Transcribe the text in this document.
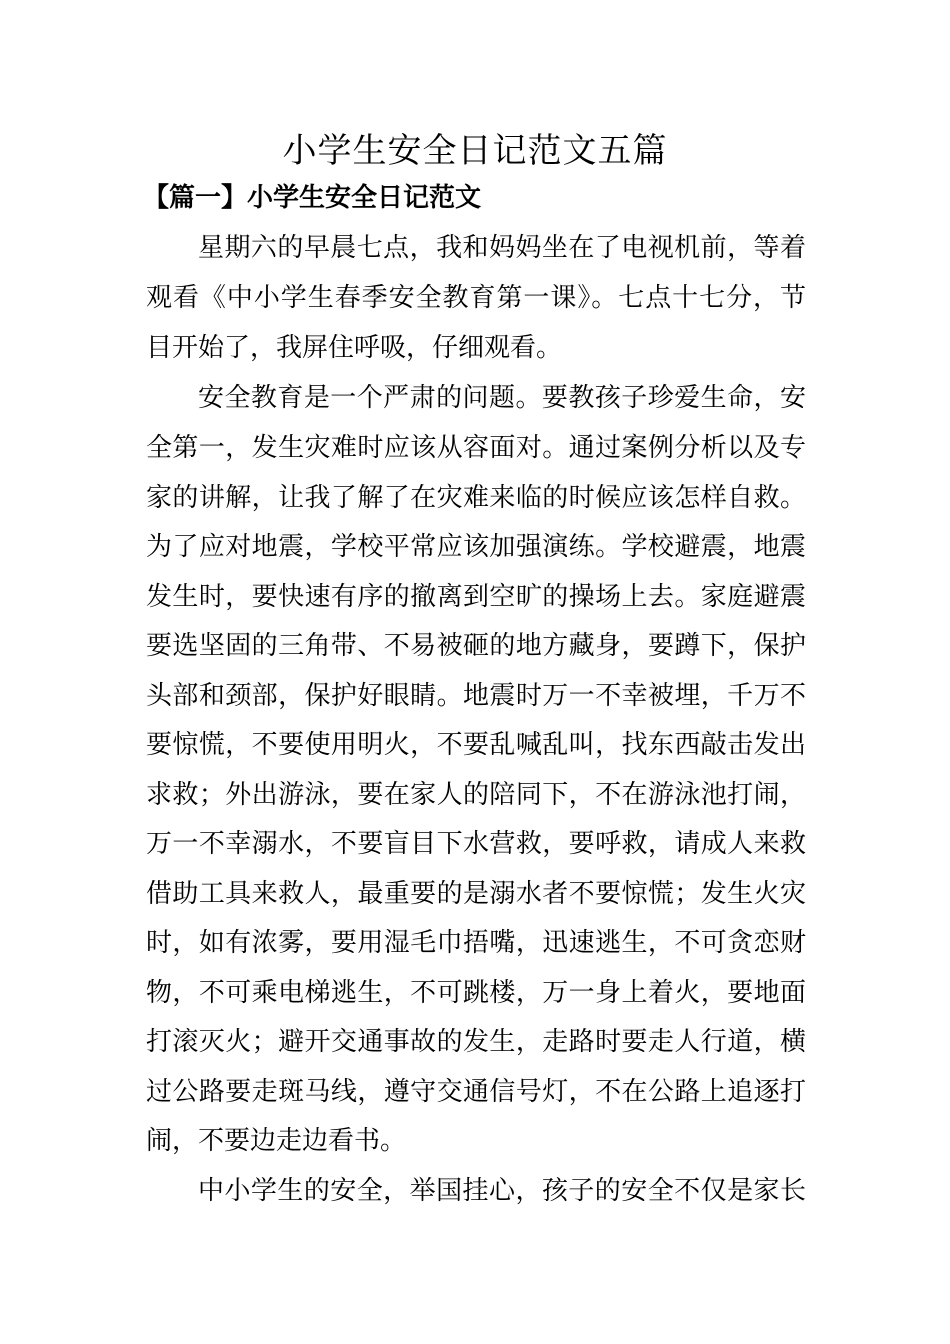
小学生安全日记范文五篇
【篇一】小学生安全日记范文

星期六的早晨七点，我和妈妈坐在了电视机前，等着

观看《中小学生春季安全教育第一课》。七点十七分，节

目开始了，我屏住呼吸，仔细观看。

安全教育是一个严肃的问题。要教孩子珍爱生命，安

全第一，发生灾难时应该从容面对。通过案例分析以及专

家的讲解，让我了解了在灾难来临的时候应该怎样自救。

为了应对地震，学校平常应该加强演练。学校避震，地震

发生时，要快速有序的撤离到空旷的操场上去。家庭避震

要选坚固的三角带、不易被砸的地方藏身，要蹲下，保护

头部和颈部，保护好眼睛。地震时万一不幸被埋，千万不

要惊慌，不要使用明火，不要乱喊乱叫，找东西敲击发出

求救；外出游泳，要在家人的陪同下，不在游泳池打闹，

万一不幸溺水，不要盲目下水营救，要呼救，请成人来救

借助工具来救人，最重要的是溺水者不要惊慌；发生火灾

时，如有浓雾，要用湿毛巾捂嘴，迅速逃生，不可贪恋财

物，不可乘电梯逃生，不可跳楼，万一身上着火，要地面

打滚灭火；避开交通事故的发生，走路时要走人行道，横

过公路要走斑马线，遵守交通信号灯，不在公路上追逐打

闹，不要边走边看书。

中小学生的安全，举国挂心，孩子的安全不仅是家长
